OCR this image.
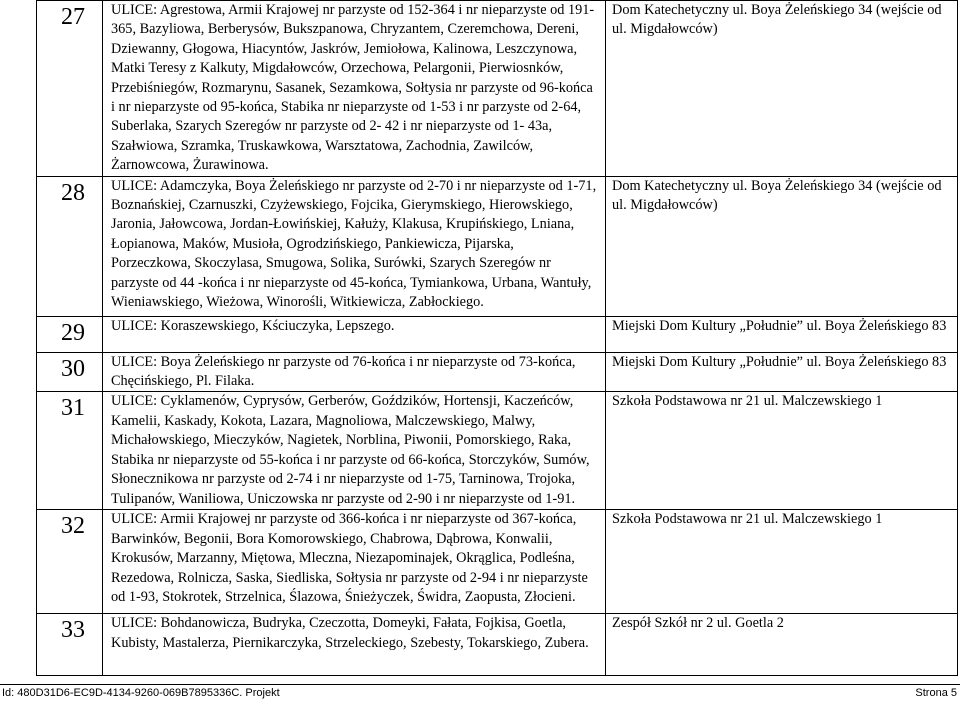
27	ULICE: Agrestowa, Armii Krajowej nr parzyste od 152-364 i nr nieparzyste od 191-365, Bazyliowa, Berberysów, Bukszpanowa, Chryzantem, Czeremchowa, Dereni, Dziewanny, Głogowa, Hiacyntów, Jaskrów, Jemiołowa, Kalinowa, Leszczynowa, Matki Teresy z Kalkuty, Migdałowców, Orzechowa, Pelargonii, Pierwiosnków, Przebiśniegów, Rozmarynu, Sasanek, Sezamkowa, Sołtysia nr parzyste od 96-końca i nr nieparzyste od 95-końca, Stabika nr nieparzyste od 1-53 i nr parzyste od 2-64, Suberlaka, Szarych Szeregów nr parzyste od 2- 42 i nr nieparzyste od 1- 43a, Szałwiowa, Szramka, Truskawkowa, Warsztatowa, Zachodnia, Zawilców, Żarnowcowa, Żurawinowa.	Dom Katechetyczny ul. Boya Żeleńskiego 34 (wejście od ul. Migdałowców)
28	ULICE: Adamczyka, Boya Żeleńskiego nr parzyste od 2-70 i nr nieparzyste od 1-71, Boznańskiej, Czarnuszki, Czyżewskiego, Fojcika, Gierymskiego, Hierowskiego, Jaronia, Jałowcowa, Jordan-Łowińskiej, Kałuży, Klakusa, Krupińskiego, Lniana, Łopianowa, Maków, Musioła, Ogrodzińskiego, Pankiewicza, Pijarska, Porzeczkowa, Skoczylasa, Smugowa, Solika, Surówki, Szarych Szeregów nr parzyste od 44 -końca i nr nieparzyste od 45-końca, Tymiankowa, Urbana, Wantuły, Wieniawskiego, Wieżowa, Winorośli, Witkiewicza, Zabłockiego.	Dom Katechetyczny ul. Boya Żeleńskiego 34 (wejście od ul. Migdałowców)
29	ULICE: Koraszewskiego, Kściuczyka, Lepszego.	Miejski Dom Kultury „Południe” ul. Boya Żeleńskiego 83
30	ULICE: Boya Żeleńskiego nr parzyste od 76-końca i nr nieparzyste od 73-końca, Chęcińskiego, Pl. Filaka.	Miejski Dom Kultury „Południe” ul. Boya Żeleńskiego 83
31	ULICE: Cyklamenów, Cyprysów, Gerberów, Goździków, Hortensji, Kaczeńców, Kamelii, Kaskady, Kokota, Lazara, Magnoliowa, Malczewskiego, Malwy, Michałowskiego, Mieczyków, Nagietek, Norblina, Piwonii, Pomorskiego, Raka, Stabika nr nieparzyste od 55-końca i nr parzyste od 66-końca, Storczyków, Sumów, Słonecznikowa nr parzyste od 2-74 i nr nieparzyste od 1-75, Tarninowa, Trojoka, Tulipanów, Waniliowa, Uniczowska nr parzyste od 2-90 i nr nieparzyste od 1-91.	Szkoła Podstawowa nr 21 ul. Malczewskiego 1
32	ULICE: Armii Krajowej nr parzyste od 366-końca i nr nieparzyste od 367-końca, Barwinków, Begonii, Bora Komorowskiego, Chabrowa, Dąbrowa, Konwalii, Krokusów, Marzanny, Miętowa, Mleczna, Niezapominajek, Okrąglica, Podleśna, Rezedowa, Rolnicza, Saska, Siedliska, Sołtysia nr parzyste od 2-94 i nr nieparzyste od 1-93, Stokrotek, Strzelnica, Ślazowa, Śnieżyczek, Świdra, Zaopusta, Złocieni.	Szkoła Podstawowa nr 21 ul. Malczewskiego 1
33	ULICE: Bohdanowicza, Budryka, Czeczotta, Domeyki, Fałata, Fojkisa, Goetla, Kubisty, Mastalerza, Piernikarczyka, Strzeleckiego, Szebesty, Tokarskiego, Zubera.	Zespół Szkół nr 2 ul. Goetla 2
Id: 480D31D6-EC9D-4134-9260-069B7895336C. Projekt	Strona 5
